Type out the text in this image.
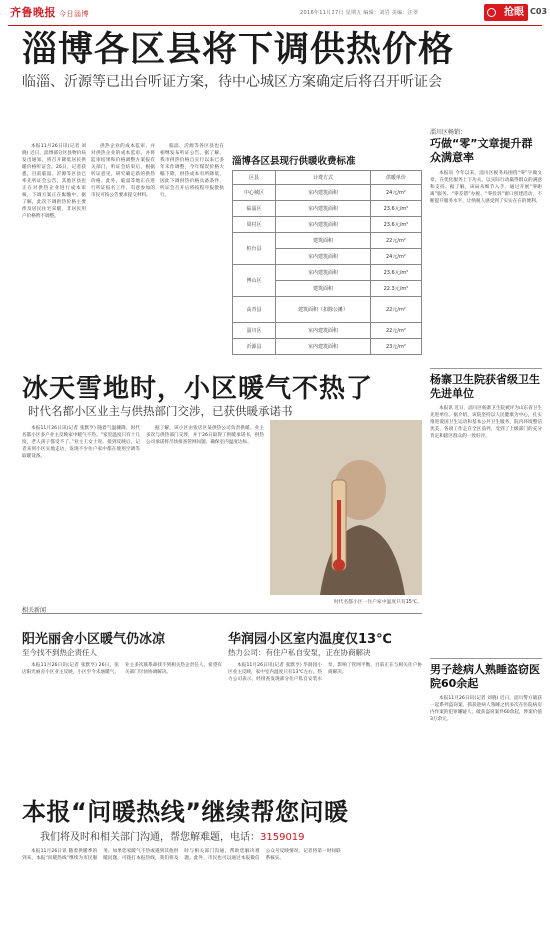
齐鲁晚报 今日淄博	2016年11月27日 星期五 编辑：刘岩 美编：汪翠	抢眼 C03
淄博各区县将下调供热价格
临淄、沂源等已出台听证方案，待中心城区方案确定后将召开听证会

本报11月26日讯(记者 刘晓) 近日，淄博部分区县物价局发出通知，将召开降低居民供暖价格听证会。26日，记者获悉，目前临淄、沂源等区县已率先听证会公告，其他区县也正在对供热企业进行成本审核，下调方案正在酝酿中。据了解，此次下调供热价格主要涉及居民住宅采暖，非居民用户价格暂不调整。

供热企业的成本监审，并对供热企业的成本监审，并将监审结果和价格调整方案报有关部门，听证会结束后，根据听证意见，研究确定新的供热价格。此外，临淄等地正在进行听证报名工作，有意参加的市民可按公告要求提交材料。

临淄、沂源等各区县也在相继发布听证公告。据了解，我市供热价格自实行以来已多年未作调整，今年煤炭价格大幅下降，供热成本有所降低，因此下调供热价格具备条件，听证会召开后将按程序报批执行。

淄博各区县现行供暖收费标准
区县	计费方式	供暖单价
中心城区	室内建筑面积	24元/m²
临淄区	室内建筑面积	23.6元/m²
周村区	室内建筑面积	23.6元/m²
桓台县	建筑面积	22元/m²
	室内建筑面积	24元/m²
博山区	室内建筑面积	23.6元/m²
	建筑面积	22.3元/m²
高青县	建筑面积（扣除公摊）	22元/m²
淄川区	室内建筑面积	22元/m²
沂源县	室内建筑面积	23元/m²
淄川区畅销：
巧做“零”文章提升群众满意率

本报讯 今年以来，淄川区税务局围绕“零”字做文章，在优化服务上下功夫，以实际行动赢得群众的满意和支持。据了解，该局从细节入手，通过开展“零距离”服务、“零差错”办税、“零投诉”窗口创建活动，不断提升服务水平，让纳税人感受到了实实在在的便利。

杨寨卫生院获省级卫生先进单位

本报讯 近日，淄川区杨寨卫生院被评为山东省卫生先进单位。据介绍，该院坚持以人民健康为中心，扎实推进爱国卫生运动和基本公共卫生服务，院内环境整洁优美，各项工作走在全区前列，受到了上级部门的充分肯定和辖区群众的一致好评。

男子趁病人熟睡盗窃医院60余起

本报11月26日讯(记者 刘晓) 近日，淄川警方破获一起系列盗窃案，抓获趁病人熟睡之机多次在医院病房内作案的犯罪嫌疑人，破获盗窃案件60余起，涉案价值3万余元。

冰天雪地时，小区暖气不热了
时代名都小区业主与供热部门交涉，已获供暖承诺书

本报11月26日讯(记者 张默亨) 随着气温骤降，时代名都小区多户业主反映家中暖气不热。“家里温度只有十几度，老人孩子都受不了。”业主王女士说。接到反映后，记者来到小区实地走访，发现不少住户家中都在使用空调等取暖设备。

据了解，该小区由张店区某供热公司负责供暖。业主多次与供热部门交涉，并于26日取得了供暖承诺书，供热公司承诺将尽快排查管网问题，确保室内温度达标。

时代名都小区一住户家中温度只有15℃。
相关新闻
阳光丽舍小区暖气仍冰凉
至今找不到热企责任人

本报11月26日讯(记者 张默亨) 26日，张店阳光丽舍小区业主反映，小区至今未通暖气，业主多次联系却找不到相关热企责任人，希望有关部门尽快协调解决。

华润园小区室内温度仅13℃
热力公司：有住户私自安泵，正在协商解决

本报11月26日讯(记者 张默亨) 华润园小区业主反映，家中室内温度只有13℃左右。热力公司表示，经排查发现部分住户私自安装水泵，影响了管网平衡，目前正在与相关住户协商解决。

本报“问暖热线”继续帮您问暖
我们将及时和相关部门沟通，帮您解难题，电话：3159019

本报11月26日讯 随着供暖季的到来，本报“问暖热线”继续为市民服务。如果您家暖气不热或遇到其他供暖问题，可拨打本报热线，我们将及时与相关部门沟通，帮助您解决难题。此外，市民也可以通过本报微信公众号反映情况，记者将第一时间联系核实。
